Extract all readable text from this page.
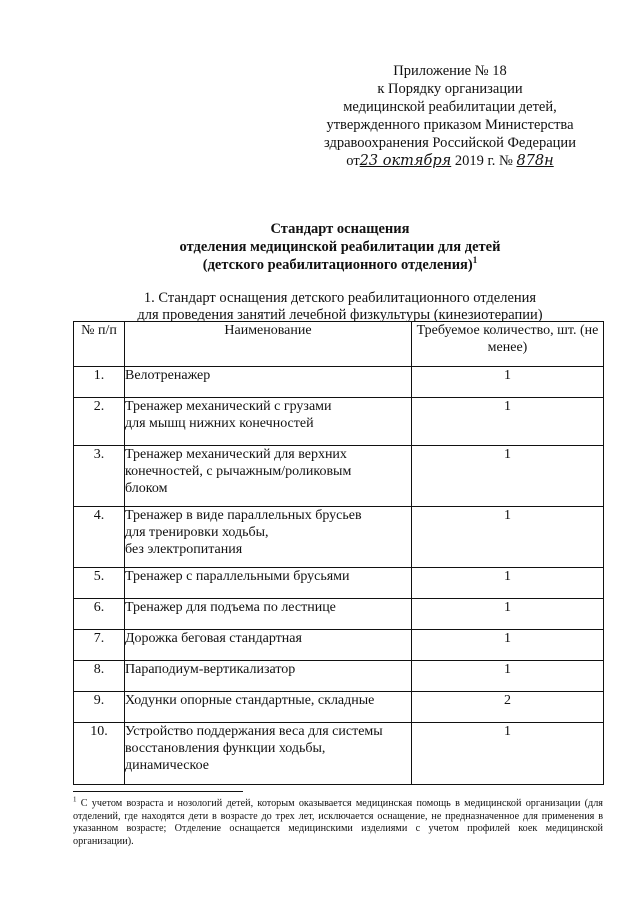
Приложение № 18
к Порядку организации
медицинской реабилитации детей,
утвержденного приказом Министерства
здравоохранения Российской Федерации
от23 октября 2019 г. № 878н
Стандарт оснащения
отделения медицинской реабилитации для детей
(детского реабилитационного отделения)$^1$
1. Стандарт оснащения детского реабилитационного отделения
для проведения занятий лечебной физкультуры (кинезиотерапии)
№ п/п	Наименование	Требуемое количество, шт. (не менее)
1.	Велотренажер	1
2.	Тренажер механический с грузами
для мышц нижних конечностей	1
3.	Тренажер механический для верхних
конечностей, с рычажным/роликовым
блоком	1
4.	Тренажер в виде параллельных брусьев
для тренировки ходьбы,
без электропитания	1
5.	Тренажер с параллельными брусьями	1
6.	Тренажер для подъема по лестнице	1
7.	Дорожка беговая стандартная	1
8.	Параподиум-вертикализатор	1
9.	Ходунки опорные стандартные, складные	2
10.	Устройство поддержания веса для системы
восстановления функции ходьбы,
динамическое	1
$^1$ С учетом возраста и нозологий детей, которым оказывается медицинская помощь в медицинской организации (для отделений, где находятся дети в возрасте до трех лет, исключается оснащение, не предназначенное для применения в указанном возрасте; Отделение оснащается медицинскими изделиями с учетом профилей коек медицинской организации).
